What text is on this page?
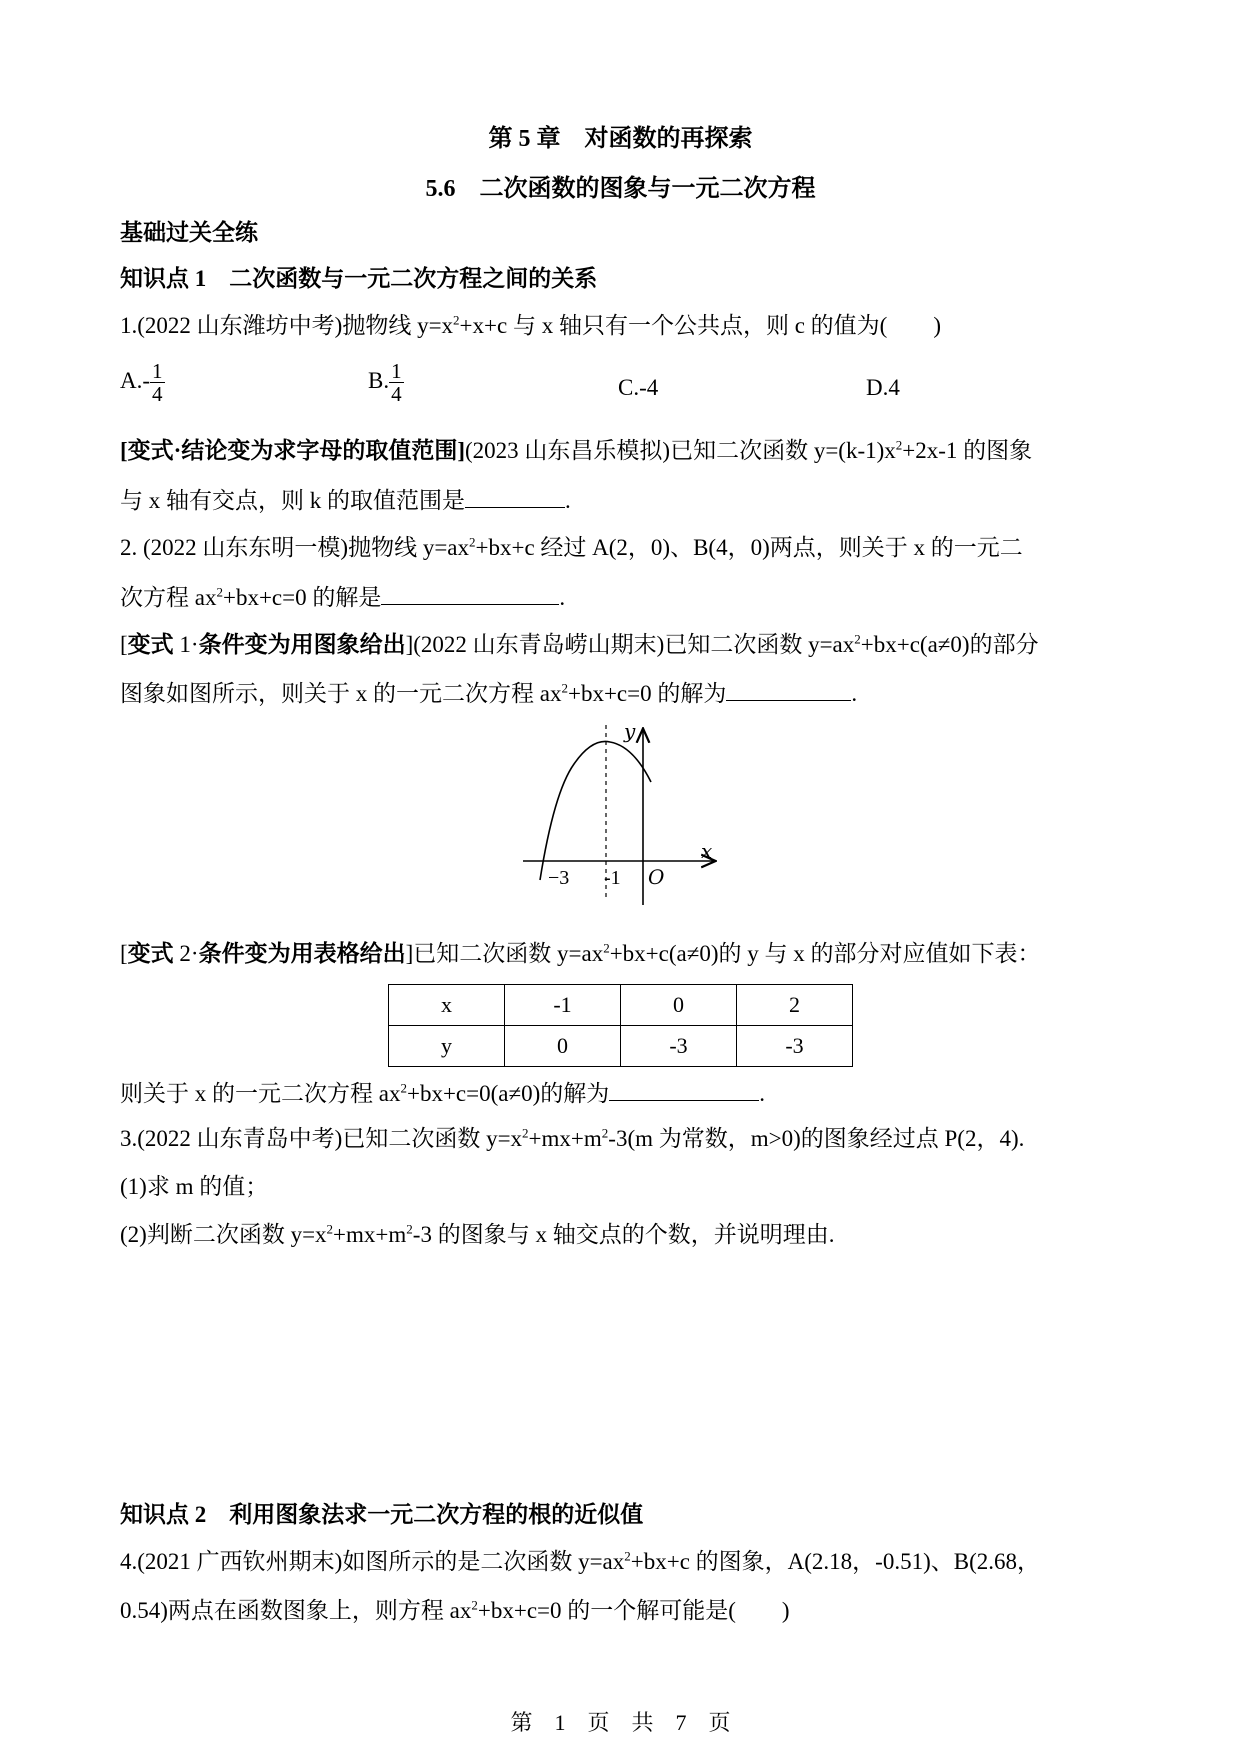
第 5 章　对函数的再探索
5.6　二次函数的图象与一元二次方程
基础过关全练
知识点 1　二次函数与一元二次方程之间的关系
1.(2022 山东潍坊中考)抛物线 $y=x^2+x+c$ 与 x 轴只有一个公共点，则 c 的值为(　　)
$A.- \frac{1}{4}$	B. $\frac{1}{4}$	C.-4	D.4
[变式·结论变为求字母的取值范围](2023 山东昌乐模拟)已知二次函数 $y=(k-1)x^2+2x-1$ 的图象
与 x 轴有交点，则 k 的取值范围是	.
2. (2022 山东东明一模)抛物线 $y=ax^2+bx+c$ 经过 A(2，0)、B(4，0)两点，则关于 x 的一元二
次方程 $ax^2+bx+c=0$ 的解是	.
[变式 1·条件变为用图象给出](2022 山东青岛崂山期末)已知二次函数 $y=ax^2+bx+c(a\ne 0)$的部分
图象如图所示，则关于 x 的一元二次方程 $ax^2+bx+c=0$ 的解为	.
y
x
O
−3 -1
[变式 2·条件变为用表格给出]已知二次函数 $y=ax^2+bx+c(a\ne 0)$的 y 与 x 的部分对应值如下表：
x	-1	0	2
y	0	-3	-3
则关于 x 的一元二次方程 $ax^2+bx+c=0(a\ne 0)$的解为	.
3.(2022 山东青岛中考)已知二次函数 $y=x^2+mx+m^2-3(m$ 为常数，m>0)的图象经过点 P(2，4).
(1)求 m 的值；
(2)判断二次函数 $y=x^2+mx+m^2-3$ 的图象与 x 轴交点的个数，并说明理由.
知识点 2　利用图象法求一元二次方程的根的近似值
4.(2021 广西钦州期末)如图所示的是二次函数 $y=ax^2+bx+c$ 的图象，A(2.18，-0.51)、B(2.68，
0.54)两点在函数图象上，则方程 $ax^2+bx+c=0$ 的一个解可能是(　　)
第　1　页　共　7　页
